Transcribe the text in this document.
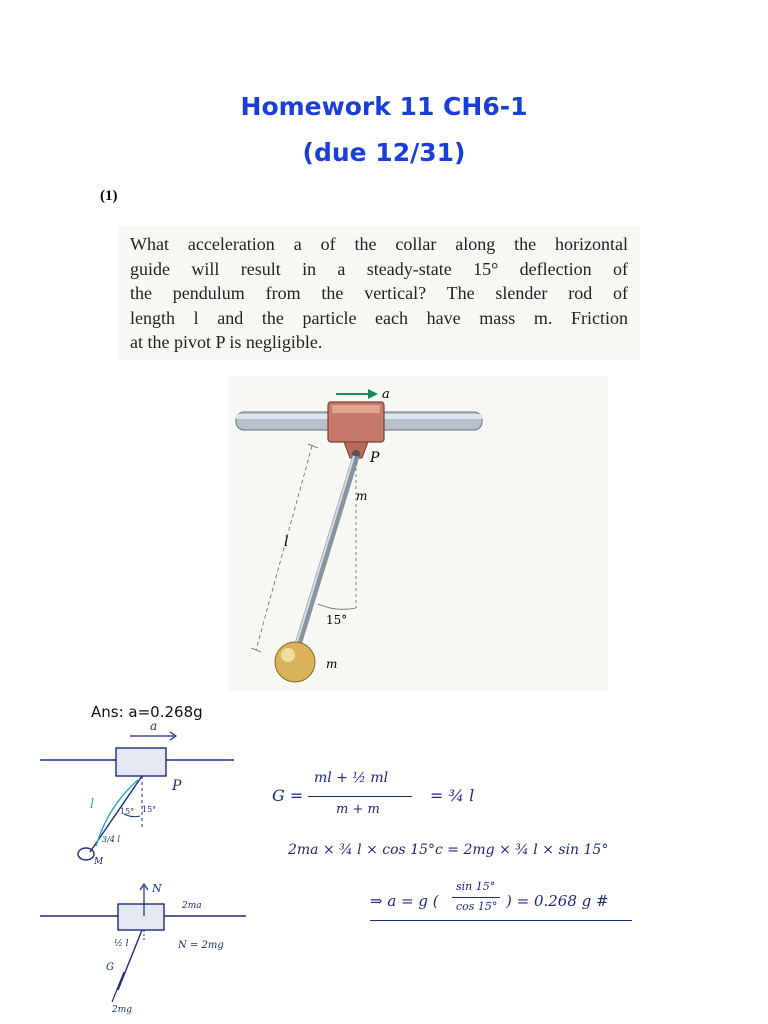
Homework 11 CH6-1
(due 12/31)
(1)
What acceleration a of the collar along the horizontal
guide will result in a steady-state 15° deflection of
the pendulum from the vertical? The slender rod of
length l and the particle each have mass m. Friction
at the pivot P is negligible.
a
P
m
l
15°
m
Ans: a=0.268g
a
P
l	15° 15°
3/4 l
M
G =
ml + ½ ml
m + m
= ¾ l
2ma × ¾ l × cos 15°c = 2mg × ¾ l × sin 15°
⇒ a = g (
sin 15°
cos 15° ) = 0.268 g #
N
2ma
N = 2mg
½ l
G
2mg
